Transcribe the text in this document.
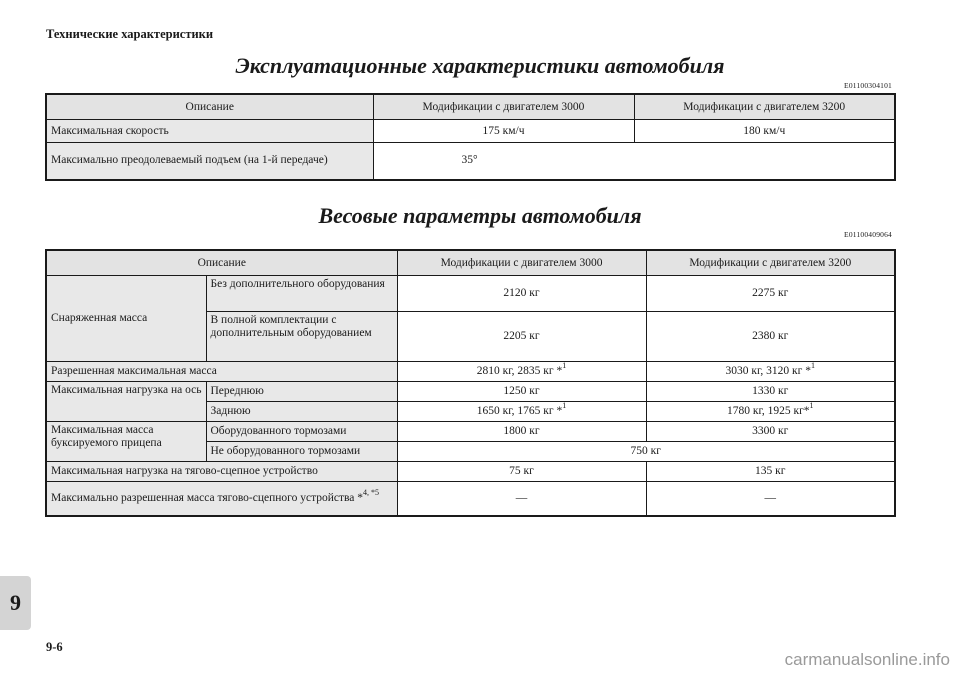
Технические характеристики
Эксплуатационные характеристики автомобиля
E01100304101
Описание	Модификации с двигателем 3000	Модификации с двигателем 3200
Максимальная скорость	175 км/ч	180 км/ч
Максимально преодолеваемый подъем (на 1-й передаче)	35°	
Весовые параметры автомобиля
E01100409064
Описание		Модификации с двигателем 3000	Модификации с двигателем 3200
Снаряженная масса	Без дополнительного оборудования	2120 кг	2275 кг
	В полной комплектации с дополнительным оборудованием	2205 кг	2380 кг
Разрешенная максимальная масса		2810 кг, 2835 кг *$^1$	3030 кг, 3120 кг *$^1$
Максимальная нагрузка на ось	Переднюю	1250 кг	1330 кг
	Заднюю	1650 кг, 1765 кг *$^1$	1780 кг, 1925 кг*$^1$
Максимальная масса буксируемого прицепа	Оборудованного тормозами	1800 кг	3300 кг
	Не оборудованного тормозами	750 кг	
Максимальная нагрузка на тягово-сцепное устройство		75 кг	135 кг
Максимально разрешенная масса тягово-сцепного устройства *$^{4, *5}$		—	—
9
9-6
carmanualsonline.info
